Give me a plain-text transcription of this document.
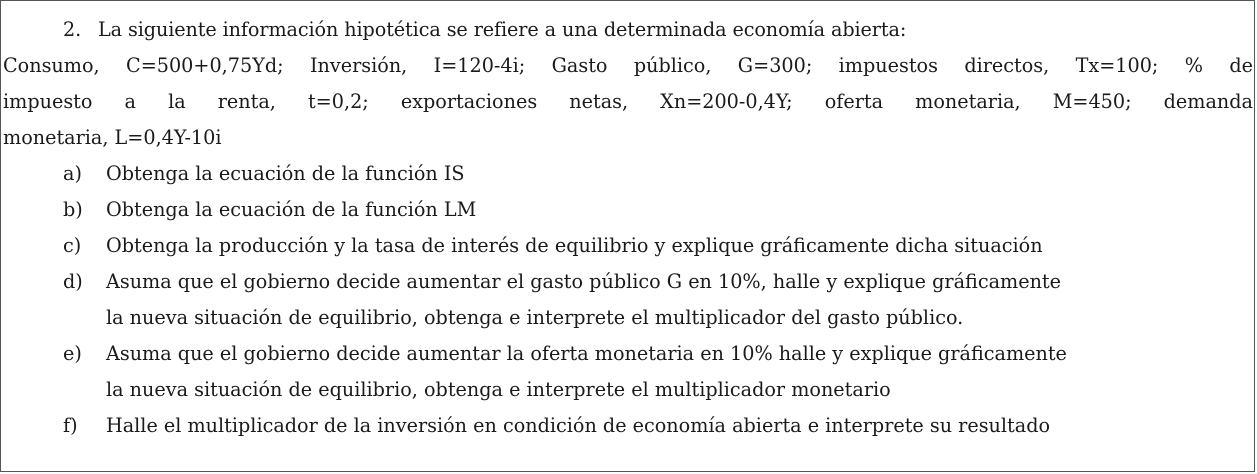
2. La siguiente información hipotética se refiere a una determinada economía abierta:
Consumo, C=500+0,75Yd; Inversión, I=120-4i; Gasto público, G=300; impuestos directos, Tx=100; % de
impuesto a la renta, t=0,2; exportaciones netas, Xn=200-0,4Y; oferta monetaria, M=450; demanda
monetaria, L=0,4Y-10i
a) Obtenga la ecuación de la función IS
b) Obtenga la ecuación de la función LM
c) Obtenga la producción y la tasa de interés de equilibrio y explique gráficamente dicha situación
d) Asuma que el gobierno decide aumentar el gasto público G en 10%, halle y explique gráficamente
la nueva situación de equilibrio, obtenga e interprete el multiplicador del gasto público.
e) Asuma que el gobierno decide aumentar la oferta monetaria en 10% halle y explique gráficamente
la nueva situación de equilibrio, obtenga e interprete el multiplicador monetario
f) Halle el multiplicador de la inversión en condición de economía abierta e interprete su resultado
